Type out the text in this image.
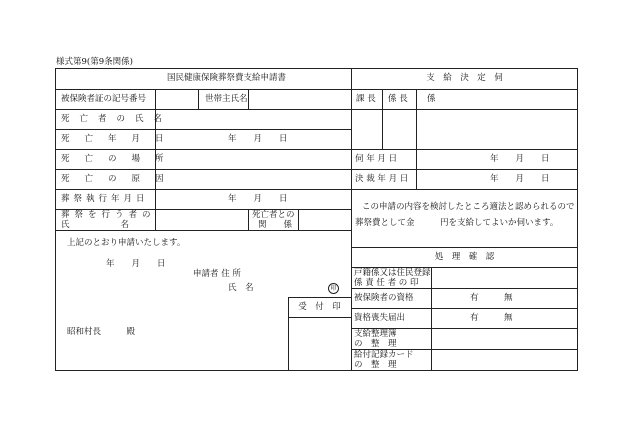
様式第9(第9条関係)
国民健康保険葬祭費支給申請書
被保険者証の記号番号	世帯主氏名
死亡者の氏名
死亡年月日	年　　月　　日
死亡の場所
死亡の原因
葬祭執行年月日	年　　月　　日
葬祭を行う者の
氏　　　　　　名
死亡者との
関　　係
上記のとおり申請いたします。
年　　月　　日
申請者 住 所
氏　名	印
昭和村長　　　殿
受　付　印
支　給　決　定　伺
課 長 係 長 係
伺 年 月 日	年　　月　　日
決 裁 年 月 日	年　　月　　日
この申請の内容を検討したところ適法と認められるので
葬祭費として金　　　円を支給してよいか伺います。
処　理　確　認
戸籍係又は住民登録
係 責 任 者 の 印
被保険者の資格	有　　　無
資格喪失届出	有　　　無
支給整理簿
の　整　理
給付記録カード
の　整　理
